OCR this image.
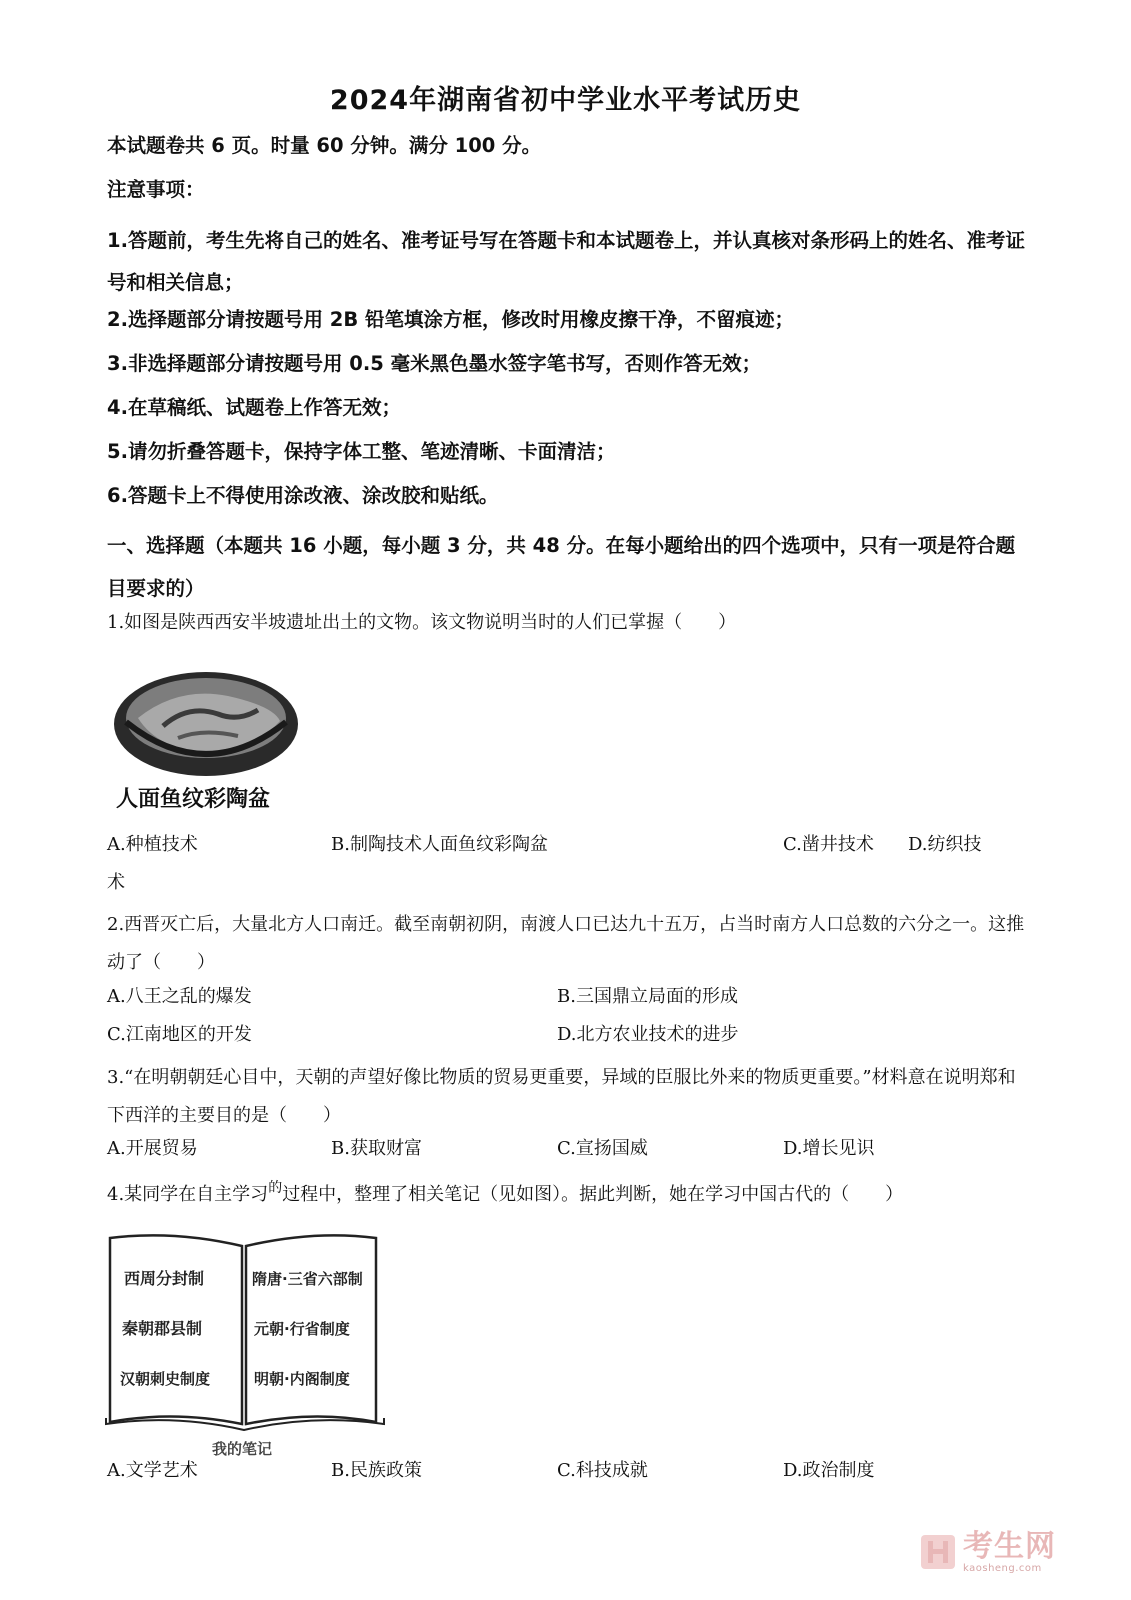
2024年湖南省初中学业水平考试历史
本试题卷共 6 页。时量 60 分钟。满分 100 分。
注意事项：
1.答题前，考生先将自己的姓名、准考证号写在答题卡和本试题卷上，并认真核对条形码上的姓名、准考证号和相关信息；
2.选择题部分请按题号用 2B 铅笔填涂方框，修改时用橡皮擦干净，不留痕迹；
3.非选择题部分请按题号用 0.5 毫米黑色墨水签字笔书写，否则作答无效；
4.在草稿纸、试题卷上作答无效；
5.请勿折叠答题卡，保持字体工整、笔迹清晰、卡面清洁；
6.答题卡上不得使用涂改液、涂改胶和贴纸。
一、选择题（本题共 16 小题，每小题 3 分，共 48 分。在每小题给出的四个选项中，只有一项是符合题目要求的）
1.如图是陕西西安半坡遗址出土的文物。该文物说明当时的人们已掌握（　　）
人面鱼纹彩陶盆
A.种植技术	B.制陶技术人面鱼纹彩陶盆	C.凿井技术 D.纺织技
术
2.西晋灭亡后，大量北方人口南迁。截至南朝初阴，南渡人口已达九十五万，占当时南方人口总数的六分之一。这推动了（　　）
A.八王之乱的爆发	B.三国鼎立局面的形成
C.江南地区的开发	D.北方农业技术的进步
3.“在明朝朝廷心目中，天朝的声望好像比物质的贸易更重要，异域的臣服比外来的物质更重要。”材料意在说明郑和下西洋的主要目的是（　　）
A.开展贸易	B.获取财富	C.宣扬国威	D.增长见识
4.某同学在自主学习$^的$过程中，整理了相关笔记（见如图）。据此判断，她在学习中国古代的（　　）
西周分封制
秦朝郡县制
汉朝刺史制度
隋唐·三省六部制
元朝·行省制度
明朝·内阁制度
我的笔记
A.文学艺术	B.民族政策	C.科技成就	D.政治制度
考生网
kaosheng.com
